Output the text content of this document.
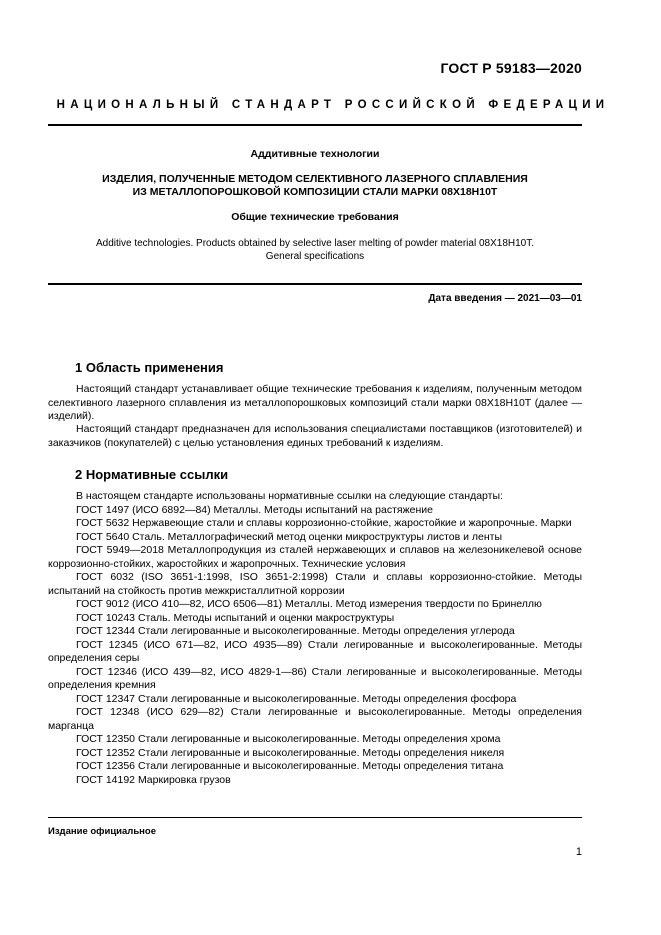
ГОСТ Р 59183—2020
НАЦИОНАЛЬНЫЙ СТАНДАРТ РОССИЙСКОЙ ФЕДЕРАЦИИ
Аддитивные технологии
ИЗДЕЛИЯ, ПОЛУЧЕННЫЕ МЕТОДОМ СЕЛЕКТИВНОГО ЛАЗЕРНОГО СПЛАВЛЕНИЯ
ИЗ МЕТАЛЛОПОРОШКОВОЙ КОМПОЗИЦИИ СТАЛИ МАРКИ 08Х18Н10Т
Общие технические требования
Additive technologies. Products obtained by selective laser melting of powder material 08Х18Н10Т.
General specifications
Дата введения — 2021—03—01
1 Область применения
Настоящий стандарт устанавливает общие технические требования к изделиям, полученным методом селективного лазерного сплавления из металлопорошковых композиций стали марки 08Х18Н10Т (далее — изделий).
Настоящий стандарт предназначен для использования специалистами поставщиков (изготовителей) и заказчиков (покупателей) с целью установления единых требований к изделиям.
2 Нормативные ссылки

В настоящем стандарте использованы нормативные ссылки на следующие стандарты:

ГОСТ 1497 (ИСО 6892—84) Металлы. Методы испытаний на растяжение

ГОСТ 5632 Нержавеющие стали и сплавы коррозионно-стойкие, жаростойкие и жаропрочные. Марки

ГОСТ 5640 Сталь. Металлографический метод оценки микроструктуры листов и ленты

ГОСТ 5949—2018 Металлопродукция из сталей нержавеющих и сплавов на железоникелевой основе коррозионно-стойких, жаростойких и жаропрочных. Технические условия

ГОСТ 6032 (ISO 3651-1:1998, ISO 3651-2:1998) Стали и сплавы коррозионно-стойкие. Методы испытаний на стойкость против межкристаллитной коррозии

ГОСТ 9012 (ИСО 410—82, ИСО 6506—81) Металлы. Метод измерения твердости по Бринеллю

ГОСТ 10243 Сталь. Методы испытаний и оценки макроструктуры

ГОСТ 12344 Стали легированные и высоколегированные. Методы определения углерода

ГОСТ 12345 (ИСО 671—82, ИСО 4935—89) Стали легированные и высоколегированные. Методы определения серы

ГОСТ 12346 (ИСО 439—82, ИСО 4829-1—86) Стали легированные и высоколегированные. Методы определения кремния

ГОСТ 12347 Стали легированные и высоколегированные. Методы определения фосфора

ГОСТ 12348 (ИСО 629—82) Стали легированные и высоколегированные. Методы определения марганца

ГОСТ 12350 Стали легированные и высоколегированные. Методы определения хрома

ГОСТ 12352 Стали легированные и высоколегированные. Методы определения никеля

ГОСТ 12356 Стали легированные и высоколегированные. Методы определения титана

ГОСТ 14192 Маркировка грузов

Издание официальное
1
